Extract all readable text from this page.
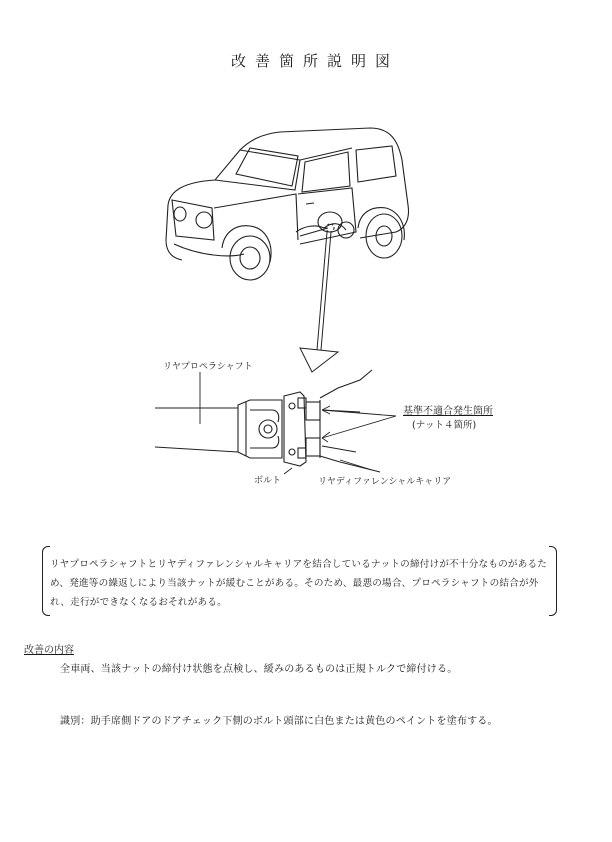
改善箇所説明図
リヤプロペラシャフト
基準不適合発生箇所
(ナット４箇所)
ボルト	リヤディファレンシャルキャリア
リヤプロペラシャフトとリヤディファレンシャルキャリアを結合しているナットの締付けが不十分なものがあるため、発進等の繰返しにより当該ナットが緩むことがある。そのため、最悪の場合、プロペラシャフトの結合が外れ、走行ができなくなるおそれがある。
改善の内容
全車両、当該ナットの締付け状態を点検し、緩みのあるものは正規トルクで締付ける。
識別：助手席側ドアのドアチェック下側のボルト頭部に白色または黄色のペイントを塗布する。
